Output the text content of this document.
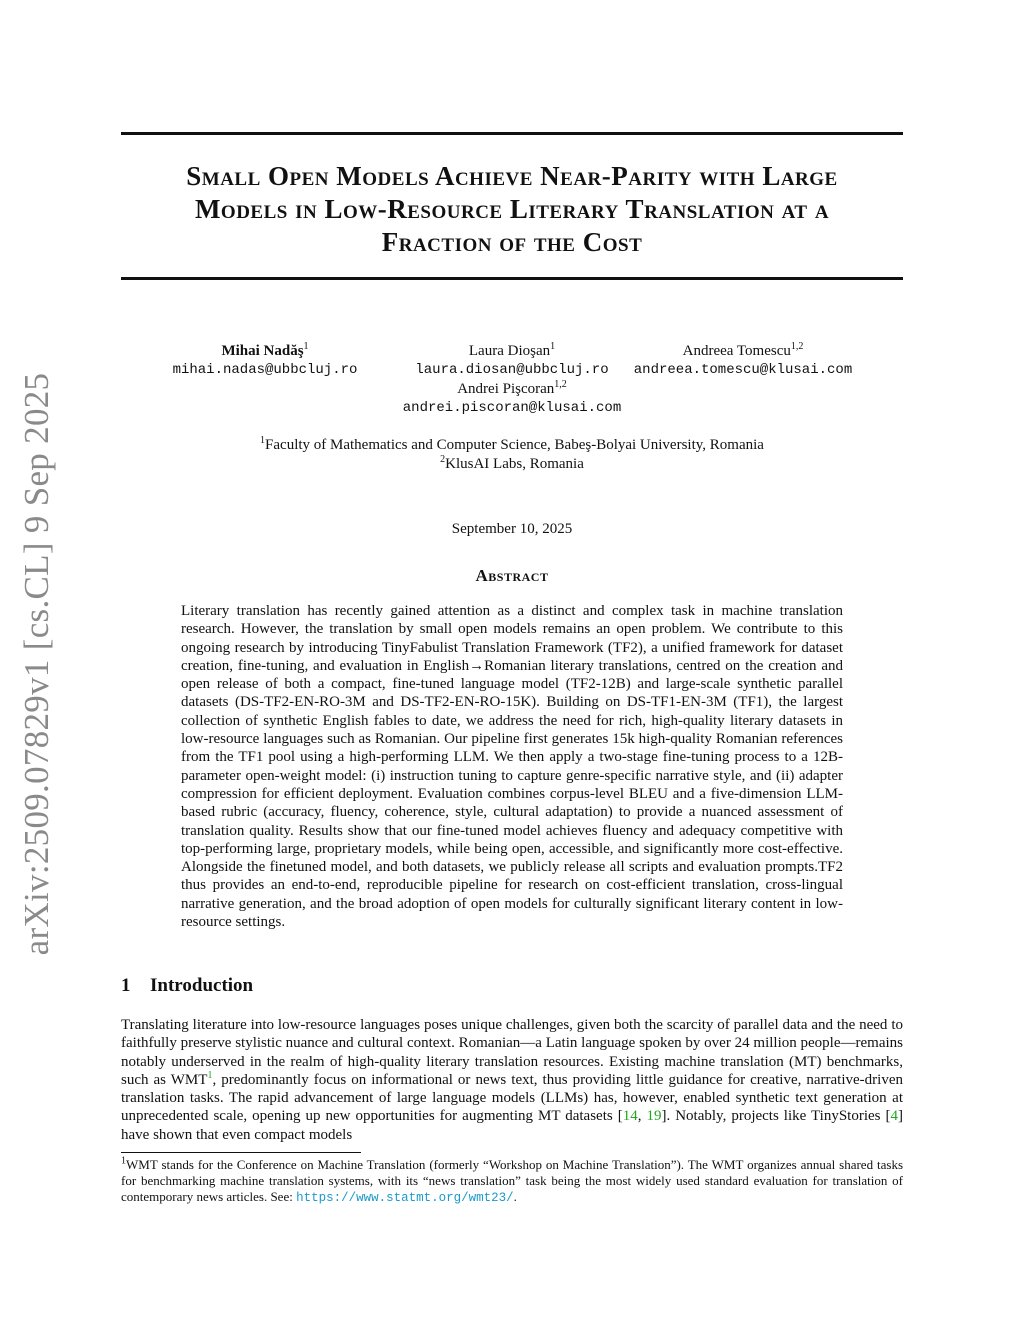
arXiv:2509.07829v1 [cs.CL] 9 Sep 2025
Small Open Models Achieve Near-Parity with Large
Models in Low-Resource Literary Translation at a
Fraction of the Cost
Mihai Nadăş$^1$
mihai.nadas@ubbcluj.ro
Laura Dioşan$^1$
laura.diosan@ubbcluj.ro
Andreea Tomescu$^{1,2}$
andreea.tomescu@klusai.com
Andrei Pişcoran$^{1,2}$
andrei.piscoran@klusai.com
$^1$Faculty of Mathematics and Computer Science, Babeş-Bolyai University, Romania
$^2$KlusAI Labs, Romania
September 10, 2025
Abstract

Literary translation has recently gained attention as a distinct and complex task in machine translation research. However, the translation by small open models remains an open problem. We contribute to this ongoing research by introducing TinyFabulist Translation Framework (TF2), a unified framework for dataset creation, fine-tuning, and evaluation in English→Romanian literary translations, centred on the creation and open release of both a compact, fine-tuned language model (TF2-12B) and large-scale synthetic parallel datasets (DS-TF2-EN-RO-3M and DS-TF2-EN-RO-15K). Building on DS-TF1-EN-3M (TF1), the largest collection of synthetic English fables to date, we address the need for rich, high-quality literary datasets in low-resource languages such as Romanian. Our pipeline first generates 15k high-quality Romanian references from the TF1 pool using a high-performing LLM. We then apply a two-stage fine-tuning process to a 12B-parameter open-weight model: (i) instruction tuning to capture genre-specific narrative style, and (ii) adapter compression for efficient deployment. Evaluation combines corpus-level BLEU and a five-dimension LLM-based rubric (accuracy, fluency, coherence, style, cultural adaptation) to provide a nuanced assessment of translation quality. Results show that our fine-tuned model achieves fluency and adequacy competitive with top-performing large, proprietary models, while being open, accessible, and significantly more cost-effective. Alongside the finetuned model, and both datasets, we publicly release all scripts and evaluation prompts.TF2 thus provides an end-to-end, reproducible pipeline for research on cost-efficient translation, cross-lingual narrative generation, and the broad adoption of open models for culturally significant literary content in low-resource settings.

1 Introduction

Translating literature into low-resource languages poses unique challenges, given both the scarcity of parallel data and the need to faithfully preserve stylistic nuance and cultural context. Romanian—a Latin language spoken by over 24 million people—remains notably underserved in the realm of high-quality literary translation resources. Existing machine translation (MT) benchmarks, such as WMT$^1$, predominantly focus on informational or news text, thus providing little guidance for creative, narrative-driven translation tasks. The rapid advancement of large language models (LLMs) has, however, enabled synthetic text generation at unprecedented scale, opening up new opportunities for augmenting MT datasets [14, 19]. Notably, projects like TinyStories [4] have shown that even compact models

$^1$WMT stands for the Conference on Machine Translation (formerly “Workshop on Machine Translation”). The WMT organizes annual shared tasks for benchmarking machine translation systems, with its “news translation” task being the most widely used standard evaluation for translation of contemporary news articles. See: https://www.statmt.org/wmt23/.
